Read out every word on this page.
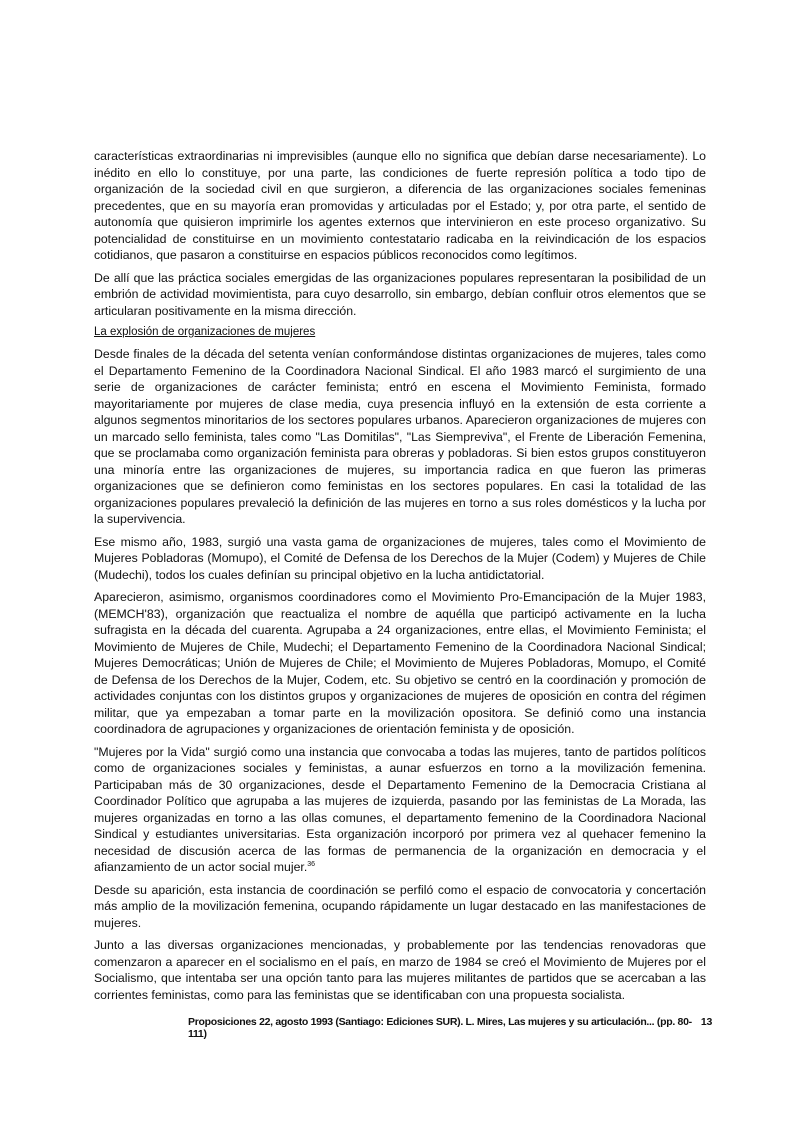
características extraordinarias ni imprevisibles (aunque ello no significa que debían darse necesariamente). Lo inédito en ello lo constituye, por una parte, las condiciones de fuerte represión política a todo tipo de organización de la sociedad civil en que surgieron, a diferencia de las organizaciones sociales femeninas precedentes, que en su mayoría eran promovidas y articuladas por el Estado; y, por otra parte, el sentido de autonomía que quisieron imprimirle los agentes externos que intervinieron en este proceso organizativo. Su potencialidad de constituirse en un movimiento contestatario radicaba en la reivindicación de los espacios cotidianos, que pasaron a constituirse en espacios públicos reconocidos como legítimos.

De allí que las práctica sociales emergidas de las organizaciones populares representaran la posibilidad de un embrión de actividad movimientista, para cuyo desarrollo, sin embargo, debían confluir otros elementos que se articularan positivamente en la misma dirección.

La explosión de organizaciones de mujeres

Desde finales de la década del setenta venían conformándose distintas organizaciones de mujeres, tales como el Departamento Femenino de la Coordinadora Nacional Sindical. El año 1983 marcó el surgimiento de una serie de organizaciones de carácter feminista; entró en escena el Movimiento Feminista, formado mayoritariamente por mujeres de clase media, cuya presencia influyó en la extensión de esta corriente a algunos segmentos minoritarios de los sectores populares urbanos. Aparecieron organizaciones de mujeres con un marcado sello feminista, tales como "Las Domitilas", "Las Siempreviva", el Frente de Liberación Femenina, que se proclamaba como organización feminista para obreras y pobladoras. Si bien estos grupos constituyeron una minoría entre las organizaciones de mujeres, su importancia radica en que fueron las primeras organizaciones que se definieron como feministas en los sectores populares. En casi la totalidad de las organizaciones populares prevaleció la definición de las mujeres en torno a sus roles domésticos y la lucha por la supervivencia.

Ese mismo año, 1983, surgió una vasta gama de organizaciones de mujeres, tales como el Movimiento de Mujeres Pobladoras (Momupo), el Comité de Defensa de los Derechos de la Mujer (Codem) y Mujeres de Chile (Mudechi), todos los cuales definían su principal objetivo en la lucha antidictatorial.

Aparecieron, asimismo, organismos coordinadores como el Movimiento Pro-Emancipación de la Mujer 1983, (MEMCH'83), organización que reactualiza el nombre de aquélla que participó activamente en la lucha sufragista en la década del cuarenta. Agrupaba a 24 organizaciones, entre ellas, el Movimiento Feminista; el Movimiento de Mujeres de Chile, Mudechi; el Departamento Femenino de la Coordinadora Nacional Sindical; Mujeres Democráticas; Unión de Mujeres de Chile; el Movimiento de Mujeres Pobladoras, Momupo, el Comité de Defensa de los Derechos de la Mujer, Codem, etc. Su objetivo se centró en la coordinación y promoción de actividades conjuntas con los distintos grupos y organizaciones de mujeres de oposición en contra del régimen militar, que ya empezaban a tomar parte en la movilización opositora. Se definió como una instancia coordinadora de agrupaciones y organizaciones de orientación feminista y de oposición.

"Mujeres por la Vida" surgió como una instancia que convocaba a todas las mujeres, tanto de partidos políticos como de organizaciones sociales y feministas, a aunar esfuerzos en torno a la movilización femenina. Participaban más de 30 organizaciones, desde el Departamento Femenino de la Democracia Cristiana al Coordinador Político que agrupaba a las mujeres de izquierda, pasando por las feministas de La Morada, las mujeres organizadas en torno a las ollas comunes, el departamento femenino de la Coordinadora Nacional Sindical y estudiantes universitarias. Esta organización incorporó por primera vez al quehacer femenino la necesidad de discusión acerca de las formas de permanencia de la organización en democracia y el afianzamiento de un actor social mujer.$^{36}$

Desde su aparición, esta instancia de coordinación se perfiló como el espacio de convocatoria y concertación más amplio de la movilización femenina, ocupando rápidamente un lugar destacado en las manifestaciones de mujeres.

Junto a las diversas organizaciones mencionadas, y probablemente por las tendencias renovadoras que comenzaron a aparecer en el socialismo en el país, en marzo de 1984 se creó el Movimiento de Mujeres por el Socialismo, que intentaba ser una opción tanto para las mujeres militantes de partidos que se acercaban a las corrientes feministas, como para las feministas que se identificaban con una propuesta socialista.

Proposiciones 22, agosto 1993 (Santiago: Ediciones SUR). L. Mires, Las mujeres y su articulación... (pp. 80-111)
13
